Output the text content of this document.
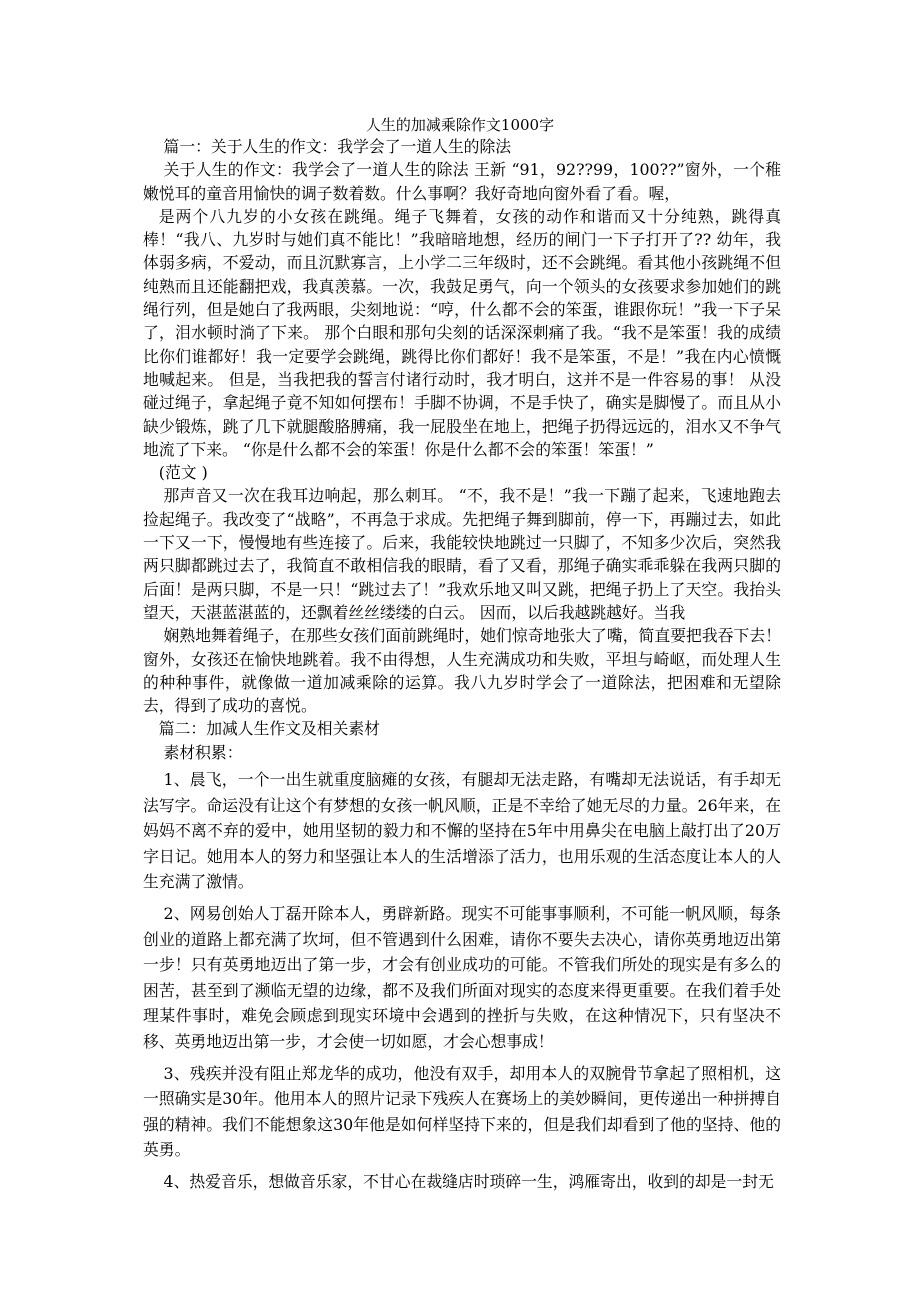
人生的加减乘除作文1000字

篇一：关于人生的作文：我学会了一道人生的除法

关于人生的作文：我学会了一道人生的除法 王新 “91，92??99，100??”窗外，一个稚嫩悦耳的童音用愉快的调子数着数。什么事啊？我好奇地向窗外看了看。喔，

是两个八九岁的小女孩在跳绳。绳子飞舞着，女孩的动作和谐而又十分纯熟，跳得真棒！“我八、九岁时与她们真不能比！”我暗暗地想，经历的闸门一下子打开了?? 幼年，我体弱多病，不爱动，而且沉默寡言，上小学二三年级时，还不会跳绳。看其他小孩跳绳不但纯熟而且还能翻把戏，我真羡慕。一次，我鼓足勇气，向一个领头的女孩要求参加她们的跳绳行列，但是她白了我两眼，尖刻地说：“哼，什么都不会的笨蛋，谁跟你玩！”我一下子呆了，泪水顿时淌了下来。 那个白眼和那句尖刻的话深深刺痛了我。“我不是笨蛋！我的成绩比你们谁都好！我一定要学会跳绳，跳得比你们都好！我不是笨蛋，不是！”我在内心愤慨地喊起来。 但是，当我把我的誓言付诸行动时，我才明白，这并不是一件容易的事！ 从没碰过绳子，拿起绳子竟不知如何摆布！手脚不协调，不是手快了，确实是脚慢了。而且从小缺少锻炼，跳了几下就腿酸胳膊痛，我一屁股坐在地上，把绳子扔得远远的，泪水又不争气地流了下来。 “你是什么都不会的笨蛋！你是什么都不会的笨蛋！笨蛋！”

(范文 )

那声音又一次在我耳边响起，那么刺耳。 “不，我不是！”我一下蹦了起来，飞速地跑去捡起绳子。我改变了“战略”，不再急于求成。先把绳子舞到脚前，停一下，再蹦过去，如此一下又一下，慢慢地有些连接了。后来，我能较快地跳过一只脚了，不知多少次后，突然我两只脚都跳过去了，我简直不敢相信我的眼睛，看了又看，那绳子确实乖乖躲在我两只脚的后面！是两只脚，不是一只！“跳过去了！”我欢乐地又叫又跳，把绳子扔上了天空。我抬头望天，天湛蓝湛蓝的，还飘着丝丝缕缕的白云。 因而，以后我越跳越好。当我

娴熟地舞着绳子，在那些女孩们面前跳绳时，她们惊奇地张大了嘴，简直要把我吞下去！窗外，女孩还在愉快地跳着。我不由得想，人生充满成功和失败，平坦与崎岖，而处理人生的种种事件，就像做一道加减乘除的运算。我八九岁时学会了一道除法，把困难和无望除去，得到了成功的喜悦。

篇二：加减人生作文及相关素材

素材积累：

1、晨飞，一个一出生就重度脑瘫的女孩，有腿却无法走路，有嘴却无法说话，有手却无法写字。命运没有让这个有梦想的女孩一帆风顺，正是不幸给了她无尽的力量。26年来，在妈妈不离不弃的爱中，她用坚韧的毅力和不懈的坚持在5年中用鼻尖在电脑上敲打出了20万字日记。她用本人的努力和坚强让本人的生活增添了活力，也用乐观的生活态度让本人的人生充满了激情。

2、网易创始人丁磊开除本人，勇辟新路。现实不可能事事顺利，不可能一帆风顺，每条创业的道路上都充满了坎坷，但不管遇到什么困难，请你不要失去决心，请你英勇地迈出第一步！只有英勇地迈出了第一步，才会有创业成功的可能。不管我们所处的现实是有多么的困苦，甚至到了濒临无望的边缘，都不及我们所面对现实的态度来得更重要。在我们着手处理某件事时，难免会顾虑到现实环境中会遇到的挫折与失败，在这种情况下，只有坚决不移、英勇地迈出第一步，才会使一切如愿，才会心想事成！

3、残疾并没有阻止郑龙华的成功，他没有双手，却用本人的双腕骨节拿起了照相机，这一照确实是30年。他用本人的照片记录下残疾人在赛场上的美妙瞬间，更传递出一种拼搏自强的精神。我们不能想象这30年他是如何样坚持下来的，但是我们却看到了他的坚持、他的英勇。

4、热爱音乐，想做音乐家，不甘心在裁缝店时琐碎一生，鸿雁寄出，收到的却是一封无
